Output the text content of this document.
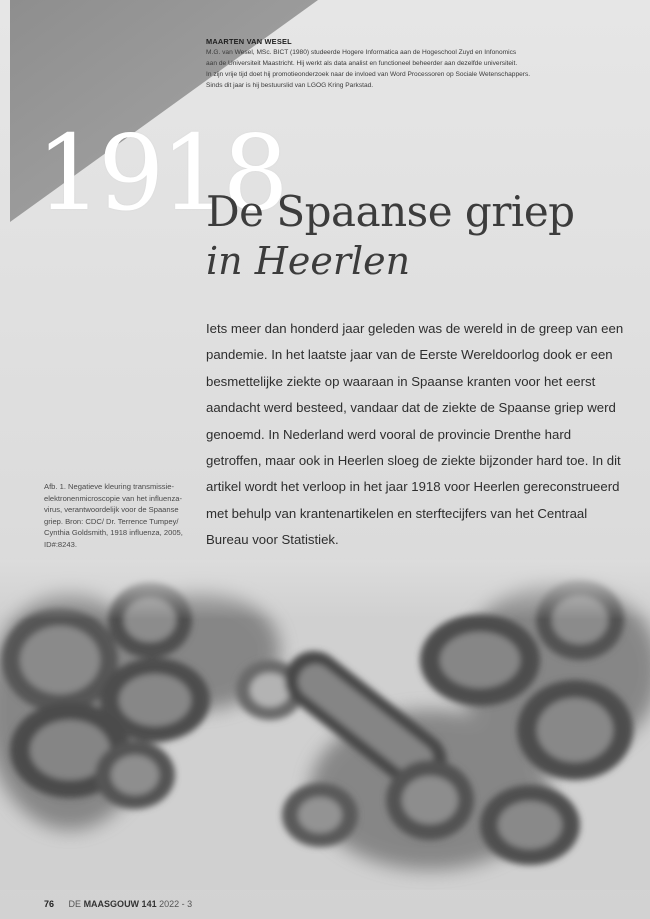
MAARTEN VAN WESEL
M.G. van Wesel, MSc. BICT (1980) studeerde Hogere Informatica aan de Hogeschool Zuyd en Infonomics
aan de Universiteit Maastricht. Hij werkt als data analist en functioneel beheerder aan dezelfde universiteit.
In zijn vrije tijd doet hij promotieonderzoek naar de invloed van Word Processoren op Sociale Wetenschappers.
Sinds dit jaar is hij bestuurslid van LGOG Kring Parkstad.
1918
De Spaanse griep
in Heerlen
Iets meer dan honderd jaar geleden was de wereld in de greep van een pandemie. In het laatste jaar van de Eerste Wereldoorlog dook er een besmettelijke ziekte op waaraan in Spaanse kranten voor het eerst aandacht werd besteed, vandaar dat de ziekte de Spaanse griep werd genoemd. In Nederland werd vooral de provincie Drenthe hard getroffen, maar ook in Heerlen sloeg de ziekte bijzonder hard toe. In dit artikel wordt het verloop in het jaar 1918 voor Heerlen gereconstrueerd met behulp van krantenartikelen en sterftecijfers van het Centraal Bureau voor Statistiek.
Afb. 1. Negatieve kleuring transmissie-elektronenmicroscopie van het influenza-virus, verantwoordelijk voor de Spaanse griep. Bron: CDC/ Dr. Terrence Tumpey/ Cynthia Goldsmith, 1918 influenza, 2005, ID#:8243.
76 DE MAASGOUW 141 2022 - 3
